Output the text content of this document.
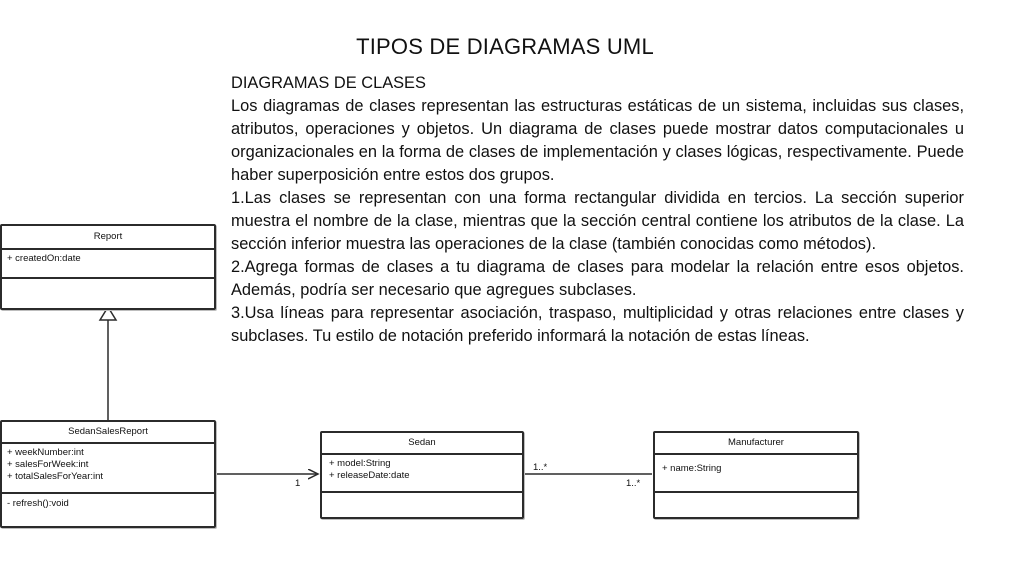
TIPOS DE DIAGRAMAS UML

DIAGRAMAS DE CLASES

Los diagramas de clases representan las estructuras estáticas de un sistema, incluidas sus clases, atributos, operaciones y objetos. Un diagrama de clases puede mostrar datos computacionales u organizacionales en la forma de clases de implementación y clases lógicas, respectivamente. Puede haber superposición entre estos dos grupos.

1.Las clases se representan con una forma rectangular dividida en tercios. La sección superior muestra el nombre de la clase, mientras que la sección central contiene los atributos de la clase. La sección inferior muestra las operaciones de la clase (también conocidas como métodos).

2.Agrega formas de clases a tu diagrama de clases para modelar la relación entre esos objetos. Además, podría ser necesario que agregues subclases.

3.Usa líneas para representar asociación, traspaso, multiplicidad y otras relaciones entre clases y subclases. Tu estilo de notación preferido informará la notación de estas líneas.

1
1..*
1..*
Report
+ createdOn:date
SedanSalesReport
+ weekNumber:int
+ salesForWeek:int
+ totalSalesForYear:int
- refresh():void
Sedan
+ model:String
+ releaseDate:date
Manufacturer
+ name:String
